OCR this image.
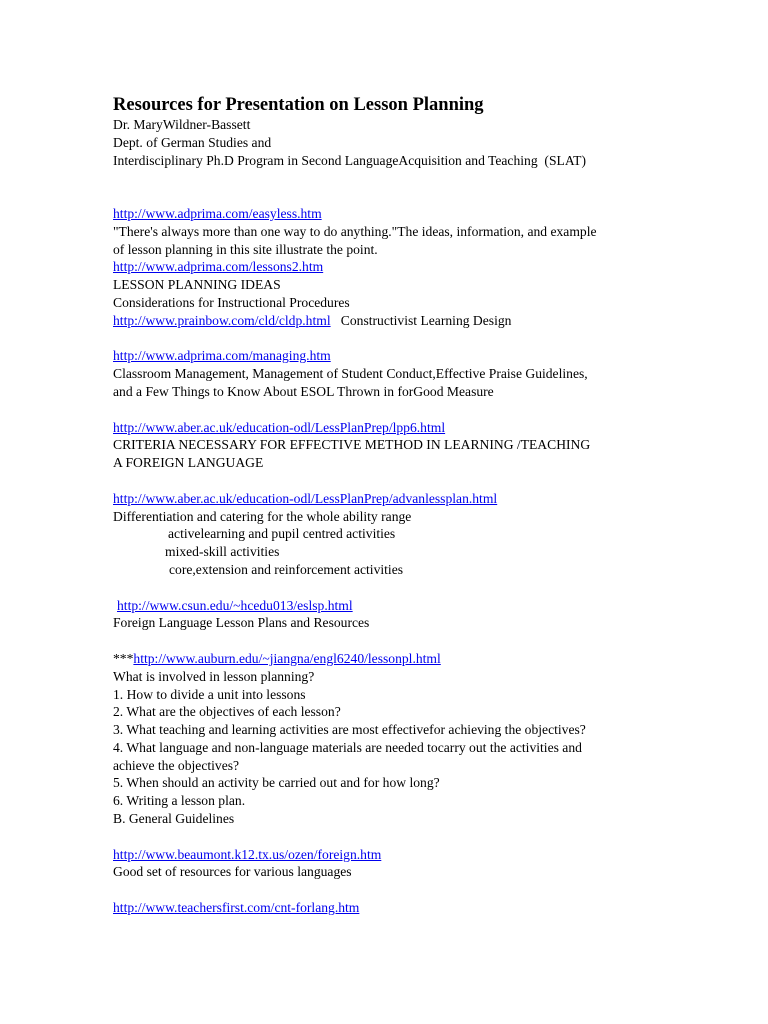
Resources for Presentation on Lesson Planning
Dr. MaryWildner-Bassett
Dept. of German Studies and
Interdisciplinary Ph.D Program in Second LanguageAcquisition and Teaching  (SLAT)
http://www.adprima.com/easyless.htm
"There's always more than one way to do anything."The ideas, information, and example
of lesson planning in this site illustrate the point.
http://www.adprima.com/lessons2.htm
LESSON PLANNING IDEAS
Considerations for Instructional Procedures
http://www.prainbow.com/cld/cldp.html   Constructivist Learning Design
http://www.adprima.com/managing.htm
Classroom Management, Management of Student Conduct,Effective Praise Guidelines,
and a Few Things to Know About ESOL Thrown in forGood Measure
http://www.aber.ac.uk/education-odl/LessPlanPrep/lpp6.html
CRITERIA NECESSARY FOR EFFECTIVE METHOD IN LEARNING /TEACHING
A FOREIGN LANGUAGE
http://www.aber.ac.uk/education-odl/LessPlanPrep/advanlessplan.html
Differentiation and catering for the whole ability range
activelearning and pupil centred activities
mixed-skill activities
core,extension and reinforcement activities
http://www.csun.edu/~hcedu013/eslsp.html
Foreign Language Lesson Plans and Resources
***http://www.auburn.edu/~jiangna/engl6240/lessonpl.html
What is involved in lesson planning?
1. How to divide a unit into lessons
2. What are the objectives of each lesson?
3. What teaching and learning activities are most effectivefor achieving the objectives?
4. What language and non-language materials are needed tocarry out the activities and
achieve the objectives?
5. When should an activity be carried out and for how long?
6. Writing a lesson plan.
B. General Guidelines
http://www.beaumont.k12.tx.us/ozen/foreign.htm
Good set of resources for various languages
http://www.teachersfirst.com/cnt-forlang.htm
